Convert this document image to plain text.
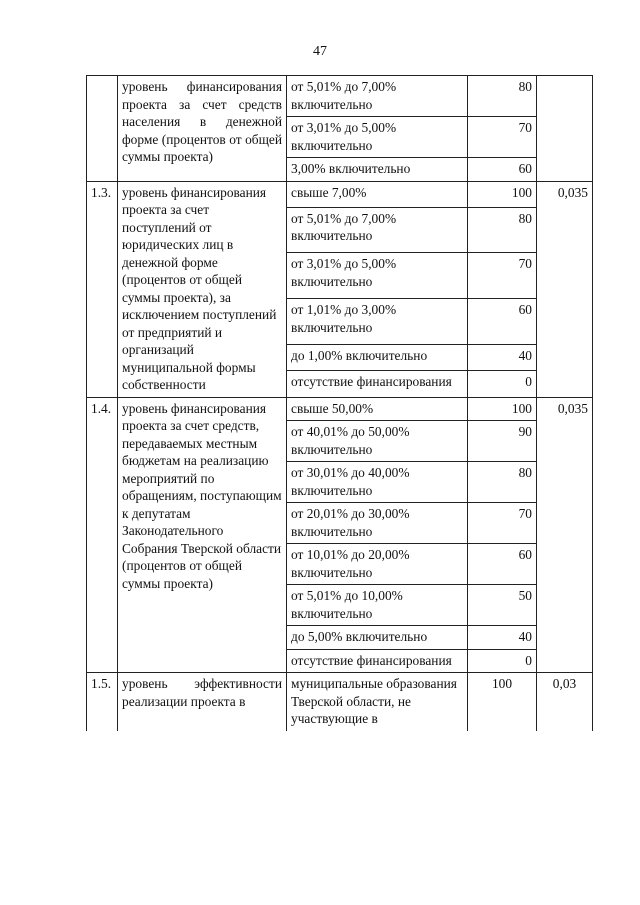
47
	уровень финансирования проекта за счет средств населения в денежной форме (процентов от общей суммы проекта)	от 5,01% до 7,00% включительно	80	
		от 3,01% до 5,00% включительно	70	
		3,00% включительно	60	
1.3.	уровень финансирования проекта за счет поступлений от юридических лиц в денежной форме (процентов от общей суммы проекта), за исключением поступлений от предприятий и организаций муниципальной формы собственности	свыше 7,00%	100	0,035
		от 5,01% до 7,00% включительно	80	
		от 3,01% до 5,00% включительно	70	
		от 1,01% до 3,00% включительно	60	
		до 1,00% включительно	40	
		отсутствие финансирования	0	
1.4.	уровень финансирования проекта за счет средств, передаваемых местным бюджетам на реализацию мероприятий по обращениям, поступающим к депутатам Законодательного Собрания Тверской области (процентов от общей суммы проекта)	свыше 50,00%	100	0,035
		от 40,01% до 50,00% включительно	90	
		от 30,01% до 40,00% включительно	80	
		от 20,01% до 30,00% включительно	70	
		от 10,01% до 20,00% включительно	60	
		от 5,01% до 10,00% включительно	50	
		до 5,00% включительно	40	
		отсутствие финансирования	0	
1.5.	уровень эффективности реализации проекта в	муниципальные образования Тверской области, не участвующие в	100	0,03
